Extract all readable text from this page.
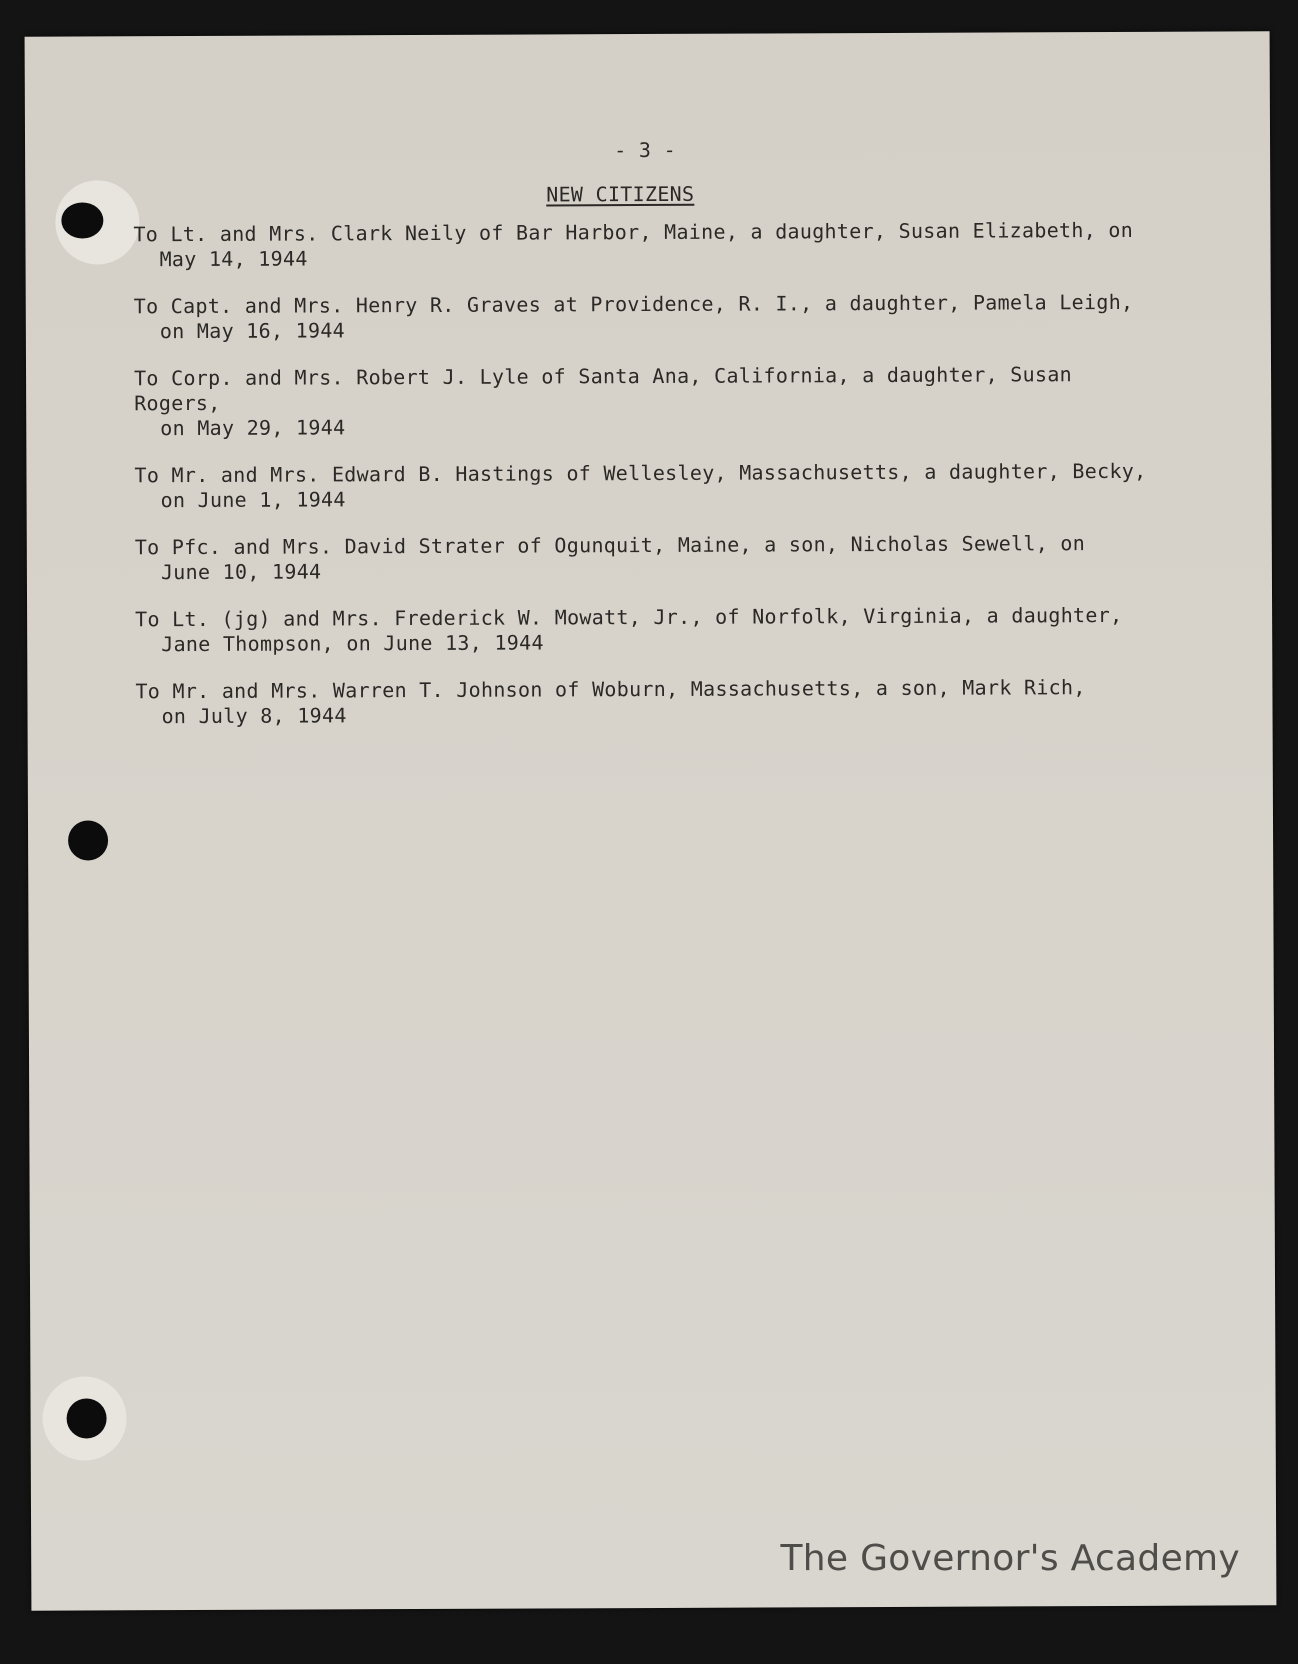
- 3 -
NEW CITIZENS

To Lt. and Mrs. Clark Neily of Bar Harbor, Maine, a daughter, Susan Elizabeth, on
May 14, 1944

To Capt. and Mrs. Henry R. Graves at Providence, R. I., a daughter, Pamela Leigh,
on May 16, 1944

To Corp. and Mrs. Robert J. Lyle of Santa Ana, California, a daughter, Susan Rogers,
on May 29, 1944

To Mr. and Mrs. Edward B. Hastings of Wellesley, Massachusetts, a daughter, Becky,
on June 1, 1944

To Pfc. and Mrs. David Strater of Ogunquit, Maine, a son, Nicholas Sewell, on
June 10, 1944

To Lt. (jg) and Mrs. Frederick W. Mowatt, Jr., of Norfolk, Virginia, a daughter,
Jane Thompson, on June 13, 1944

To Mr. and Mrs. Warren T. Johnson of Woburn, Massachusetts, a son, Mark Rich,
on July 8, 1944

The Governor's Academy
